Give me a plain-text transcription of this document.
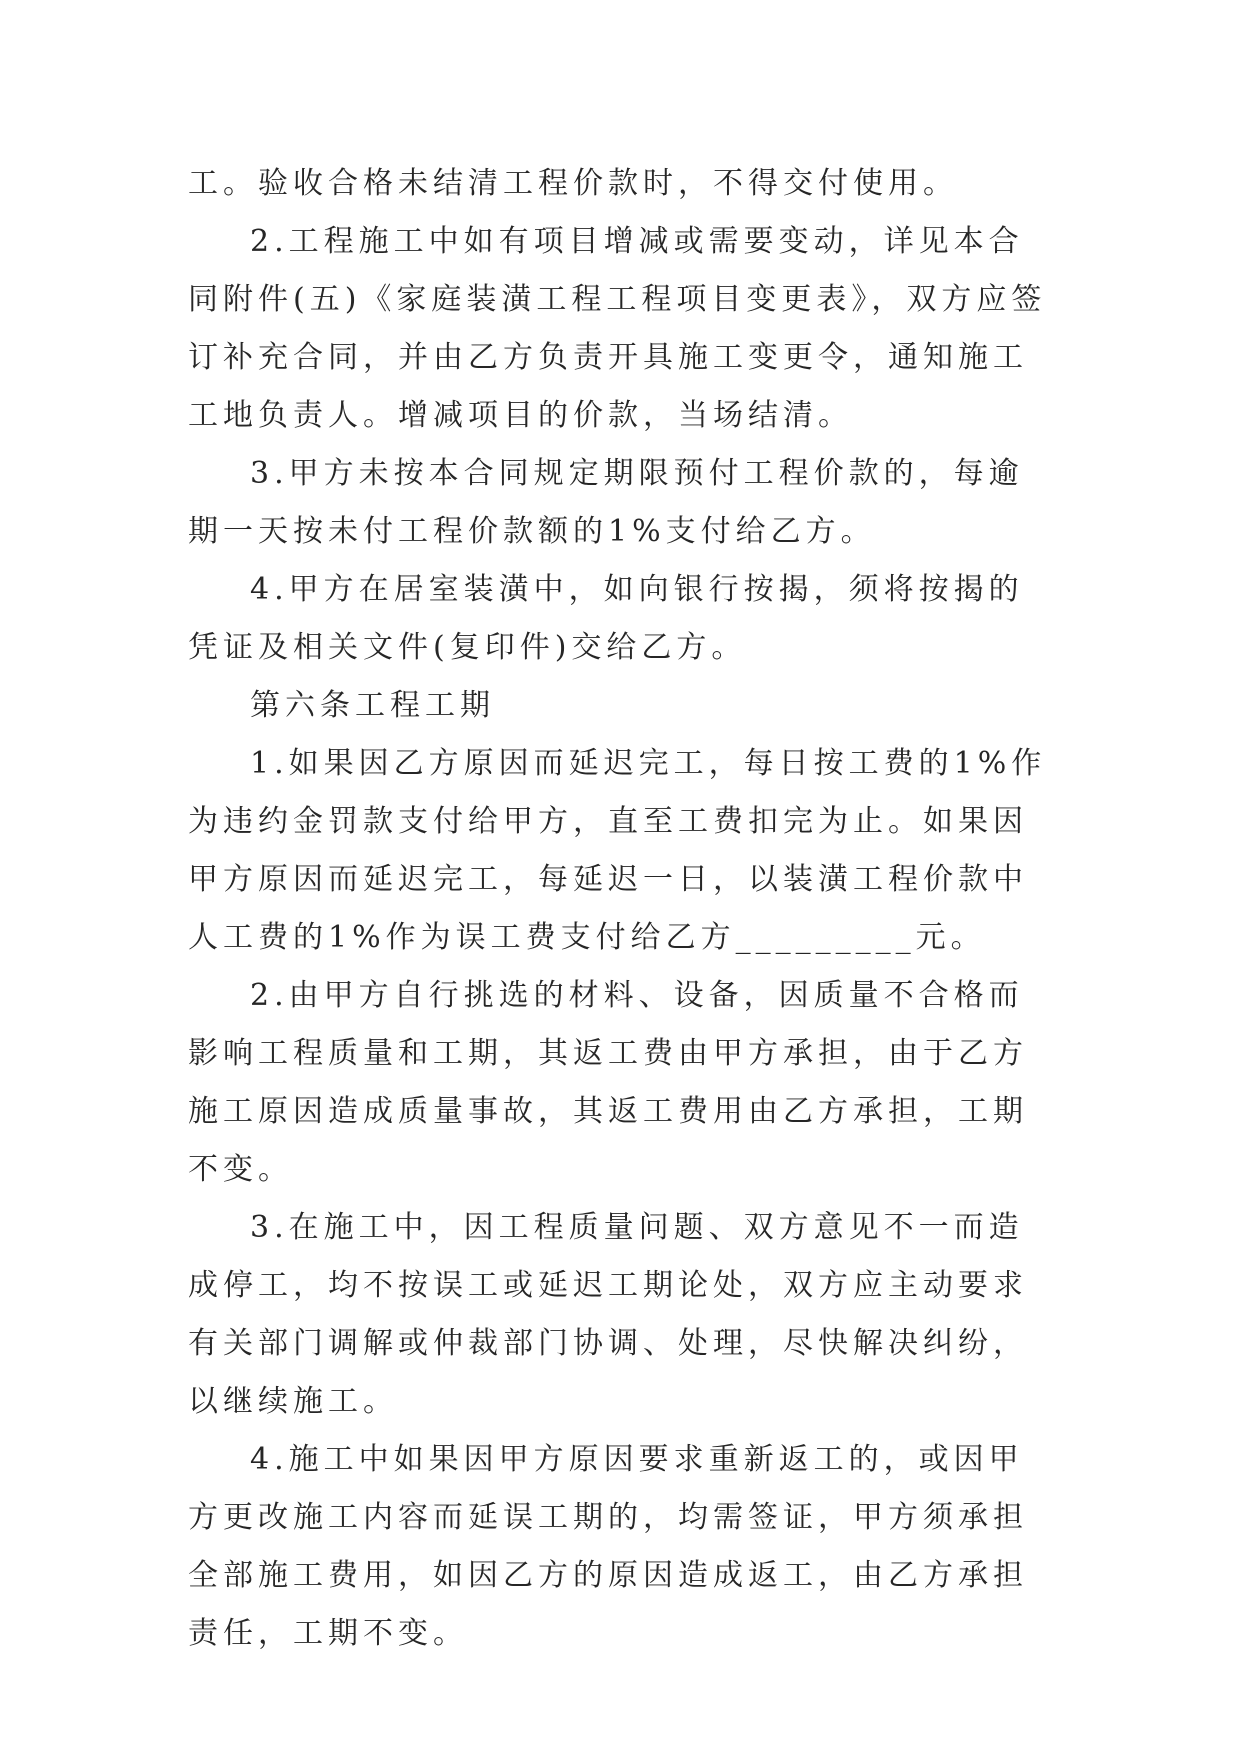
工。验收合格未结清工程价款时，不得交付使用。

2.工程施工中如有项目增减或需要变动，详见本合同附件(五)《家庭装潢工程工程项目变更表》，双方应签订补充合同，并由乙方负责开具施工变更令，通知施工工地负责人。增减项目的价款，当场结清。

3.甲方未按本合同规定期限预付工程价款的，每逾期一天按未付工程价款额的1%支付给乙方。

4.甲方在居室装潢中，如向银行按揭，须将按揭的凭证及相关文件(复印件)交给乙方。

第六条工程工期

1.如果因乙方原因而延迟完工，每日按工费的1%作为违约金罚款支付给甲方，直至工费扣完为止。如果因甲方原因而延迟完工，每延迟一日，以装潢工程价款中人工费的1%作为误工费支付给乙方_________元。

2.由甲方自行挑选的材料、设备，因质量不合格而影响工程质量和工期，其返工费由甲方承担，由于乙方施工原因造成质量事故，其返工费用由乙方承担，工期不变。

3.在施工中，因工程质量问题、双方意见不一而造成停工，均不按误工或延迟工期论处，双方应主动要求有关部门调解或仲裁部门协调、处理，尽快解决纠纷，以继续施工。

4.施工中如果因甲方原因要求重新返工的，或因甲方更改施工内容而延误工期的，均需签证，甲方须承担全部施工费用，如因乙方的原因造成返工，由乙方承担责任，工期不变。
